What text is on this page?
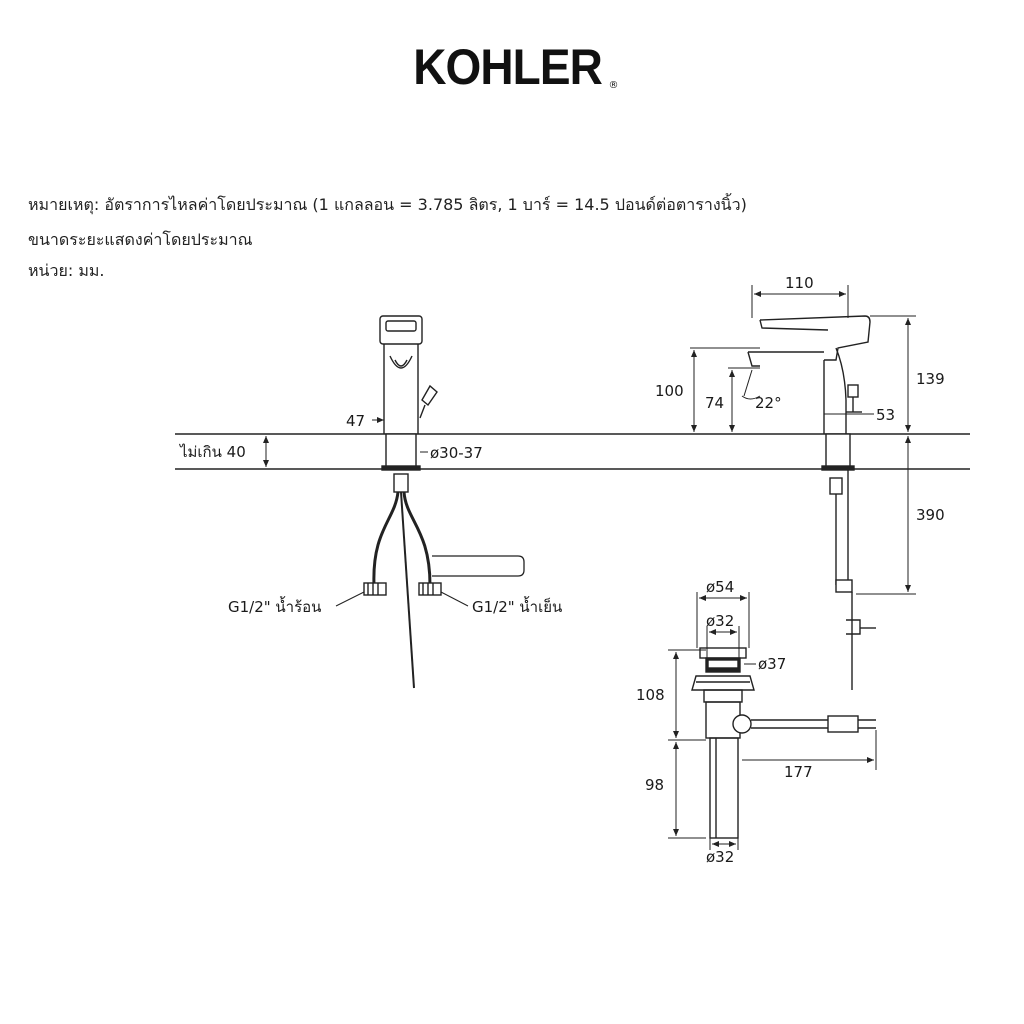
KOHLER $_®$
หมายเหตุ: อัตราการไหลค่าโดยประมาณ (1 แกลลอน = 3.785 ลิตร, 1 บาร์ = 14.5 ปอนด์ต่อตารางนิ้ว)
ขนาดระยะแสดงค่าโดยประมาณ
หน่วย: มม.
ไม่เกิน 40
47
ø30-37
G1/2" น้ำร้อน	G1/2" น้ำเย็น
110
139
100
74 22°
53
390
ø54
ø32
ø37
108
98
177
ø32
